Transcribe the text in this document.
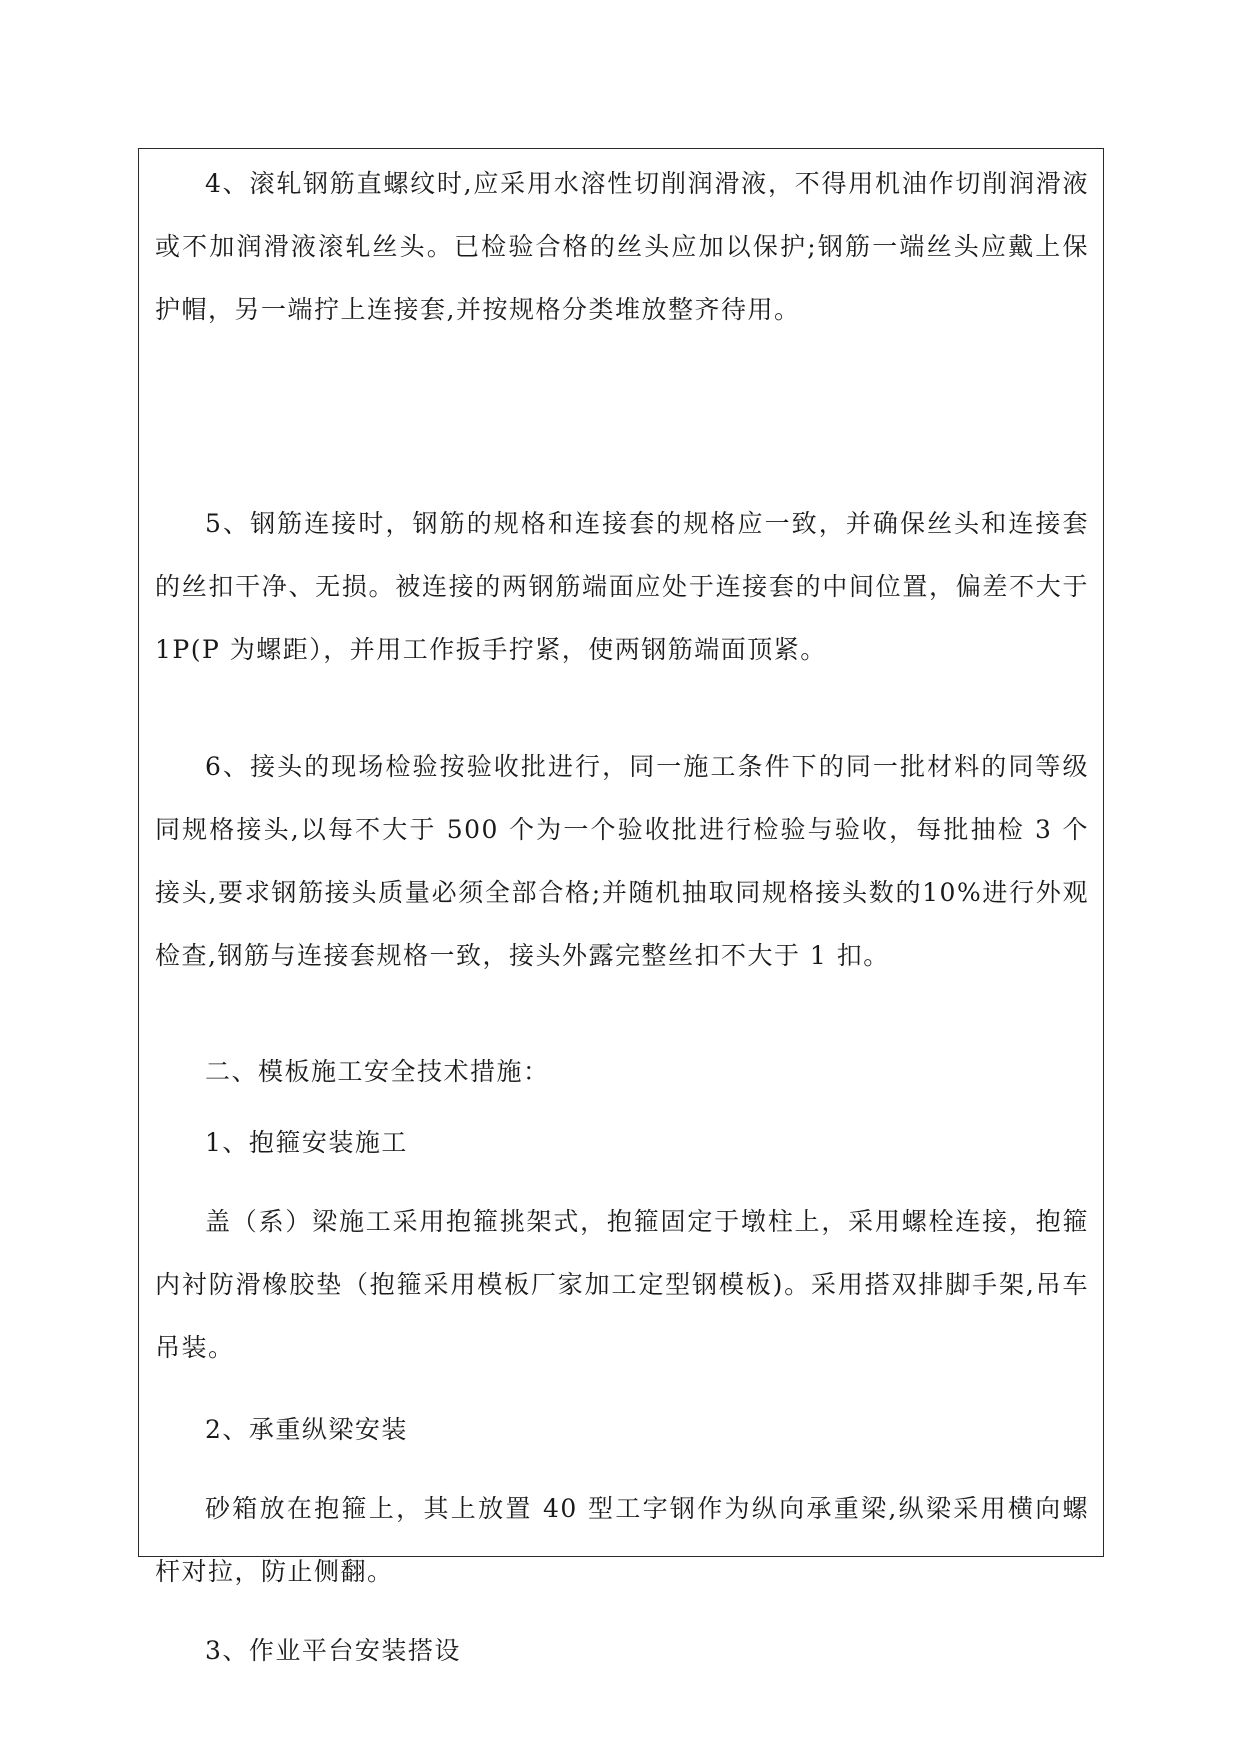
4、滚轧钢筋直螺纹时,应采用水溶性切削润滑液，不得用机油作切削润滑液或不加润滑液滚轧丝头。已检验合格的丝头应加以保护;钢筋一端丝头应戴上保护帽，另一端拧上连接套,并按规格分类堆放整齐待用。

5、钢筋连接时，钢筋的规格和连接套的规格应一致，并确保丝头和连接套的丝扣干净、无损。被连接的两钢筋端面应处于连接套的中间位置，偏差不大于 1P(P 为螺距），并用工作扳手拧紧，使两钢筋端面顶紧。

6、接头的现场检验按验收批进行，同一施工条件下的同一批材料的同等级同规格接头,以每不大于 500 个为一个验收批进行检验与验收，每批抽检 3 个接头,要求钢筋接头质量必须全部合格;并随机抽取同规格接头数的10%进行外观检查,钢筋与连接套规格一致，接头外露完整丝扣不大于 1 扣。

二、模板施工安全技术措施：

1、抱箍安装施工

盖（系）梁施工采用抱箍挑架式，抱箍固定于墩柱上，采用螺栓连接，抱箍内衬防滑橡胶垫（抱箍采用模板厂家加工定型钢模板)。采用搭双排脚手架,吊车吊装。

2、承重纵梁安装

砂箱放在抱箍上，其上放置 40 型工字钢作为纵向承重梁,纵梁采用横向螺杆对拉，防止侧翻。

3、作业平台安装搭设
